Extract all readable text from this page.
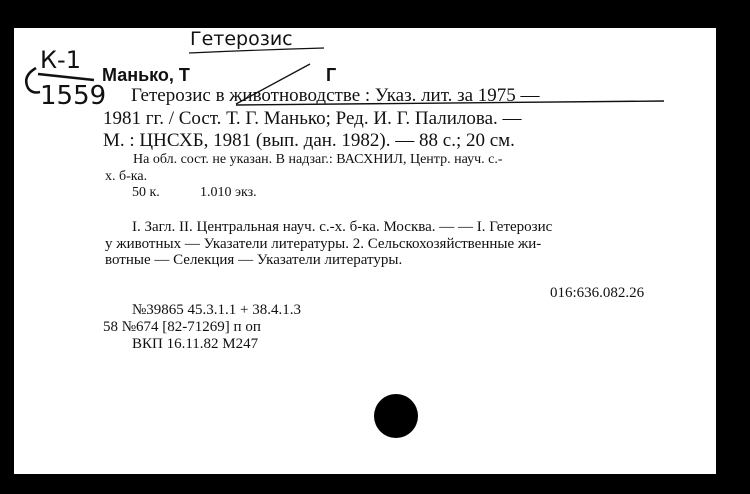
К-1
1559
Гетерозис
Манько, Т	Г
Гетерозис в животноводстве : Указ. лит. за 1975 —
1981 гг. / Сост. Т. Г. Манько; Ред. И. Г. Палилова. —
М. : ЦНСХБ, 1981 (вып. дан. 1982). — 88 с.; 20 см.
На обл. сост. не указан. В надзаг.: ВАСХНИЛ, Центр. науч. с.-
х. б-ка.
50 к.	1.010 экз.
I. Загл. II. Центральная науч. с.-х. б-ка. Москва. — — I. Гетерозис
у животных — Указатели литературы. 2. Сельскохозяйственные жи-
вотные — Селекция — Указатели литературы.
016:636.082.26
№39865 45.3.1.1 + 38.4.1.3
58 №674 [82-71269] п оп
ВКП 16.11.82 М247
